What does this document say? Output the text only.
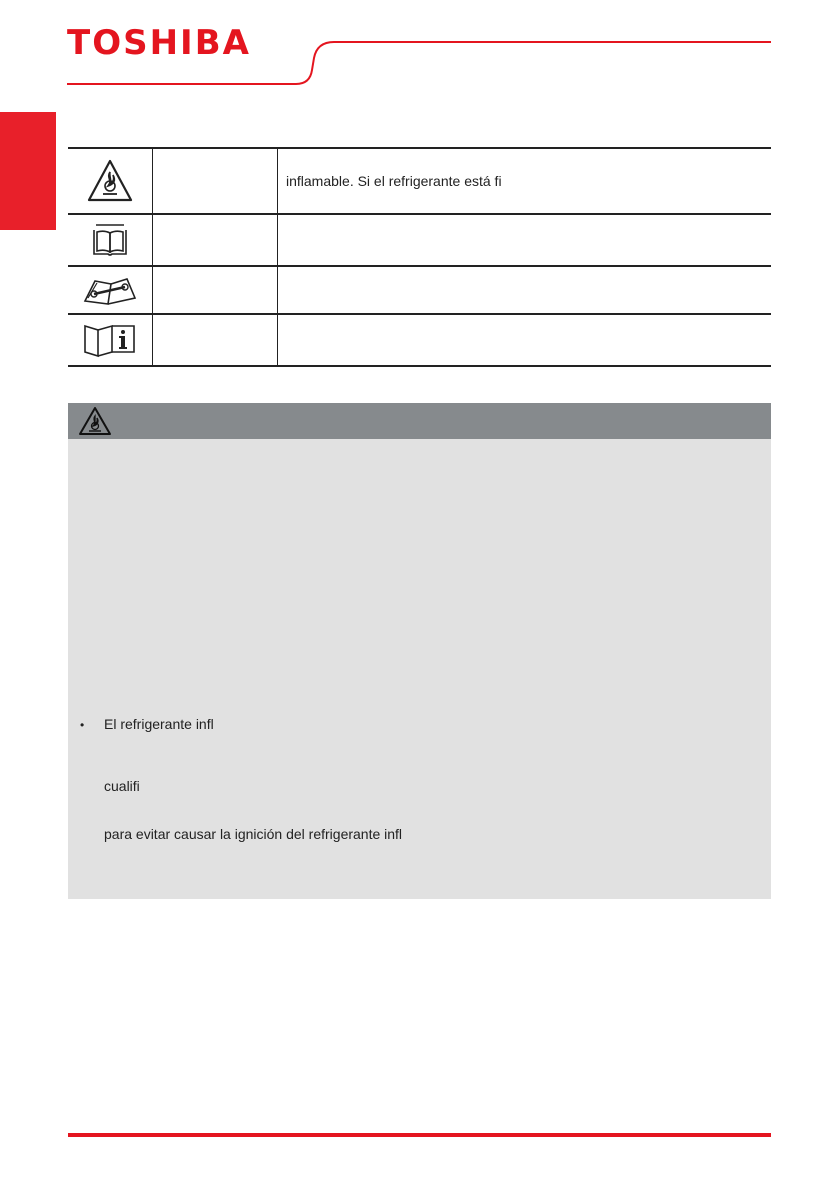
TOSHIBA
		inflamable. Si el refrigerante está fi

• El refrigerante infl
cualifi
para evitar causar la ignición del refrigerante infl
